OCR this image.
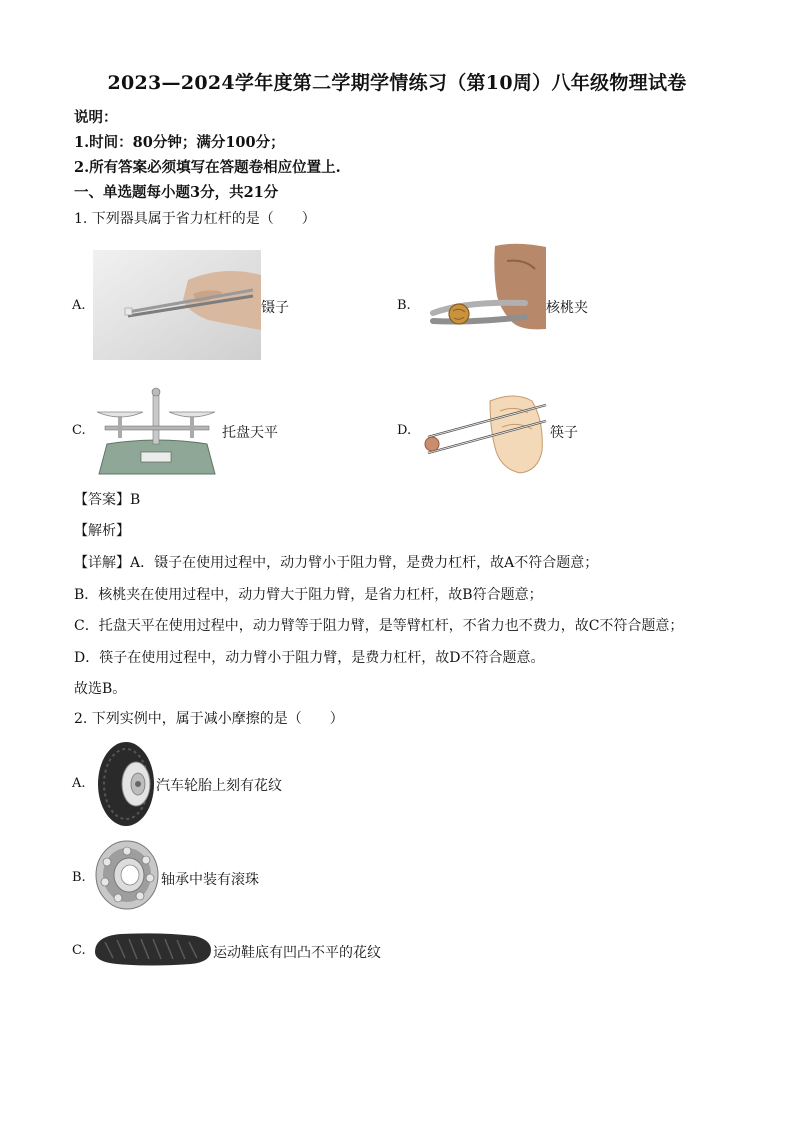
2023—2024学年度第二学期学情练习（第10周）八年级物理试卷
说明：
1.时间：80分钟；满分100分；
2.所有答案必须填写在答题卷相应位置上.
一、单选题每小题3分，共21分
1. 下列器具属于省力杠杆的是（　　）
A.	镊子	B.	核桃夹
C.	托盘天平	D.	筷子
【答案】B
【解析】
【详解】A．镊子在使用过程中，动力臂小于阻力臂，是费力杠杆，故A不符合题意；
B．核桃夹在使用过程中，动力臂大于阻力臂，是省力杠杆，故B符合题意；
C．托盘天平在使用过程中，动力臂等于阻力臂，是等臂杠杆，不省力也不费力，故C不符合题意；
D．筷子在使用过程中，动力臂小于阻力臂，是费力杠杆，故D不符合题意。
故选B。
2. 下列实例中，属于减小摩擦的是（　　）
A.	汽车轮胎上刻有花纹
B.	轴承中装有滚珠
C.	运动鞋底有凹凸不平的花纹
